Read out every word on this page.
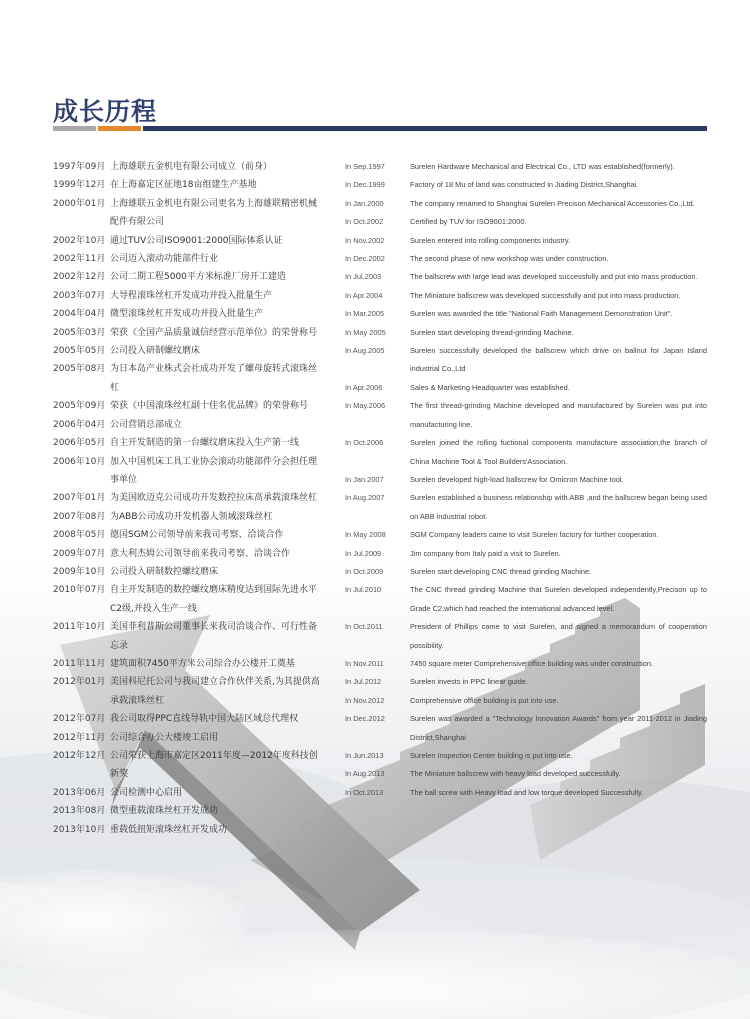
成长历程
1997年09月 上海雄联五金机电有限公司成立（前身）
1999年12月 在上海嘉定区征地18亩组建生产基地
2000年01月 上海雄联五金机电有限公司更名为上海雄联精密机械配件有限公司
2002年10月 通过TUV公司ISO9001:2000国际体系认证
2002年11月 公司迈入滚动功能部件行业
2002年12月 公司二期工程5000平方米标准厂房开工建造
2003年07月 大导程滚珠丝杠开发成功并投入批量生产
2004年04月 微型滚珠丝杠开发成功并投入批量生产
2005年03月 荣获《全国产品质量诚信经营示范单位》的荣誉称号
2005年05月 公司投入研制螺纹磨床
2005年08月 为日本岛产业株式会社成功开发了螺母旋转式滚珠丝杠
2005年09月 荣获《中国滚珠丝杠副十佳名优品牌》的荣誉称号
2006年04月 公司营销总部成立
2006年05月 自主开发制造的第一台螺纹磨床投入生产第一线
2006年10月 加入中国机床工具工业协会滚动功能部件分会担任理事单位
2007年01月 为美国欧迈克公司成功开发数控拉床高承载滚珠丝杠
2007年08月 为ABB公司成功开发机器人领域滚珠丝杠
2008年05月 德国SGM公司领导前来我司考察、洽谈合作
2009年07月 意大利杰姆公司领导前来我司考察、洽谈合作
2009年10月 公司投入研制数控螺纹磨床
2010年07月 自主开发制造的数控螺纹磨床精度达到国际先进水平C2级,并投入生产一线
2011年10月 美国菲利普斯公司董事长来我司洽谈合作、可行性备忘录
2011年11月 建筑面积7450平方米公司综合办公楼开工奠基
2012年01月 美国科尼托公司与我司建立合作伙伴关系,为其提供高承载滚珠丝杠
2012年07月 我公司取得PPC直线导轨中国大陆区域总代理权
2012年11月 公司综合办公大楼竣工启用
2012年12月 公司荣获上海市嘉定区2011年度—2012年度科技创新奖
2013年06月 公司检测中心启用
2013年08月 微型重载滚珠丝杠开发成功
2013年10月 重载低扭矩滚珠丝杠开发成功
In Sep.1997	Surelen Hardware Mechanical and Electrical Co., LTD was established(formerly).
In Dec.1999	Factory of 18 Mu of land was constructed in Jiading District,Shanghai.
In Jan.2000	The company renamed to Shanghai Surelen Precison Mechanical Accessories Co.,Ltd.
In Oct.2002	Certified by TUV for ISO9001:2000.
In Nov.2002	Surelen entered into rolling components industry.
In Dec.2002	The second phase of new workshop was under construction.
In Jul.2003	The ballscrew with large lead was developed successfully and put into mass production.
In Apr.2004	The Miniature ballscrew was developed successfully and put into mass production.
In Mar.2005	Surelen was awarded the title "National Faith Management Demonstration Unit".
In May 2005	Surelen start developing thread-grinding Machine.
In Aug.2005	Surelen successfully developed the ballscrew which drive on ballnut for Japan Island industrial Co.,Ltd
In Apr.2006	Sales & Marketing Headquarter was established.
In May.2006	The first thread-grinding Machine developed and manufactured by Surelen was put into manufacturing line.
In Oct.2006	Surelen joined the rolling fuctional components manufacture association,the branch of China Machine Tool & Tool Builders'Association.
In Jan.2007	Surelen developed high-load ballscrew for Omicron Machine tool.
In Aug.2007	Surelen established a business relationship with ABB ,and the ballscrew began being used on ABB industrial robot.
In May 2008	SGM Company leaders came to visit Surelen factory for further cooperation.
In Jul.2009	Jim company from Italy paid a visit to Surelen.
In Oct.2009	Surelen start developing CNC thread grinding Machine.
In Jul.2010	The CNC thread grinding Machine that Surelen developed independently,Precison up to Grade C2,which had reached the international advanced level.
In Oct.2011	President of Phillips came to visit Surelen, and signed a memorandum of cooperation possibility.
In Nov.2011	7450 square meter Comprehensive office building was under construction.
In Jul.2012	Surelen invests in PPC linear guide.
In Nov.2012	Comprehensive office building is put into use.
In Dec.2012	Surelen was awarded a "Technology Innovation Awards" from year 2011-2012 in Jiading District,Shanghai
In Jun.2013	Surelen Inspection Center building is put into use.
In Aug.2013	The Miniature ballscrew with heavy load developed successfully.
In Oct.2013	The ball screw with Heavy load and low torque developed Successfully.
